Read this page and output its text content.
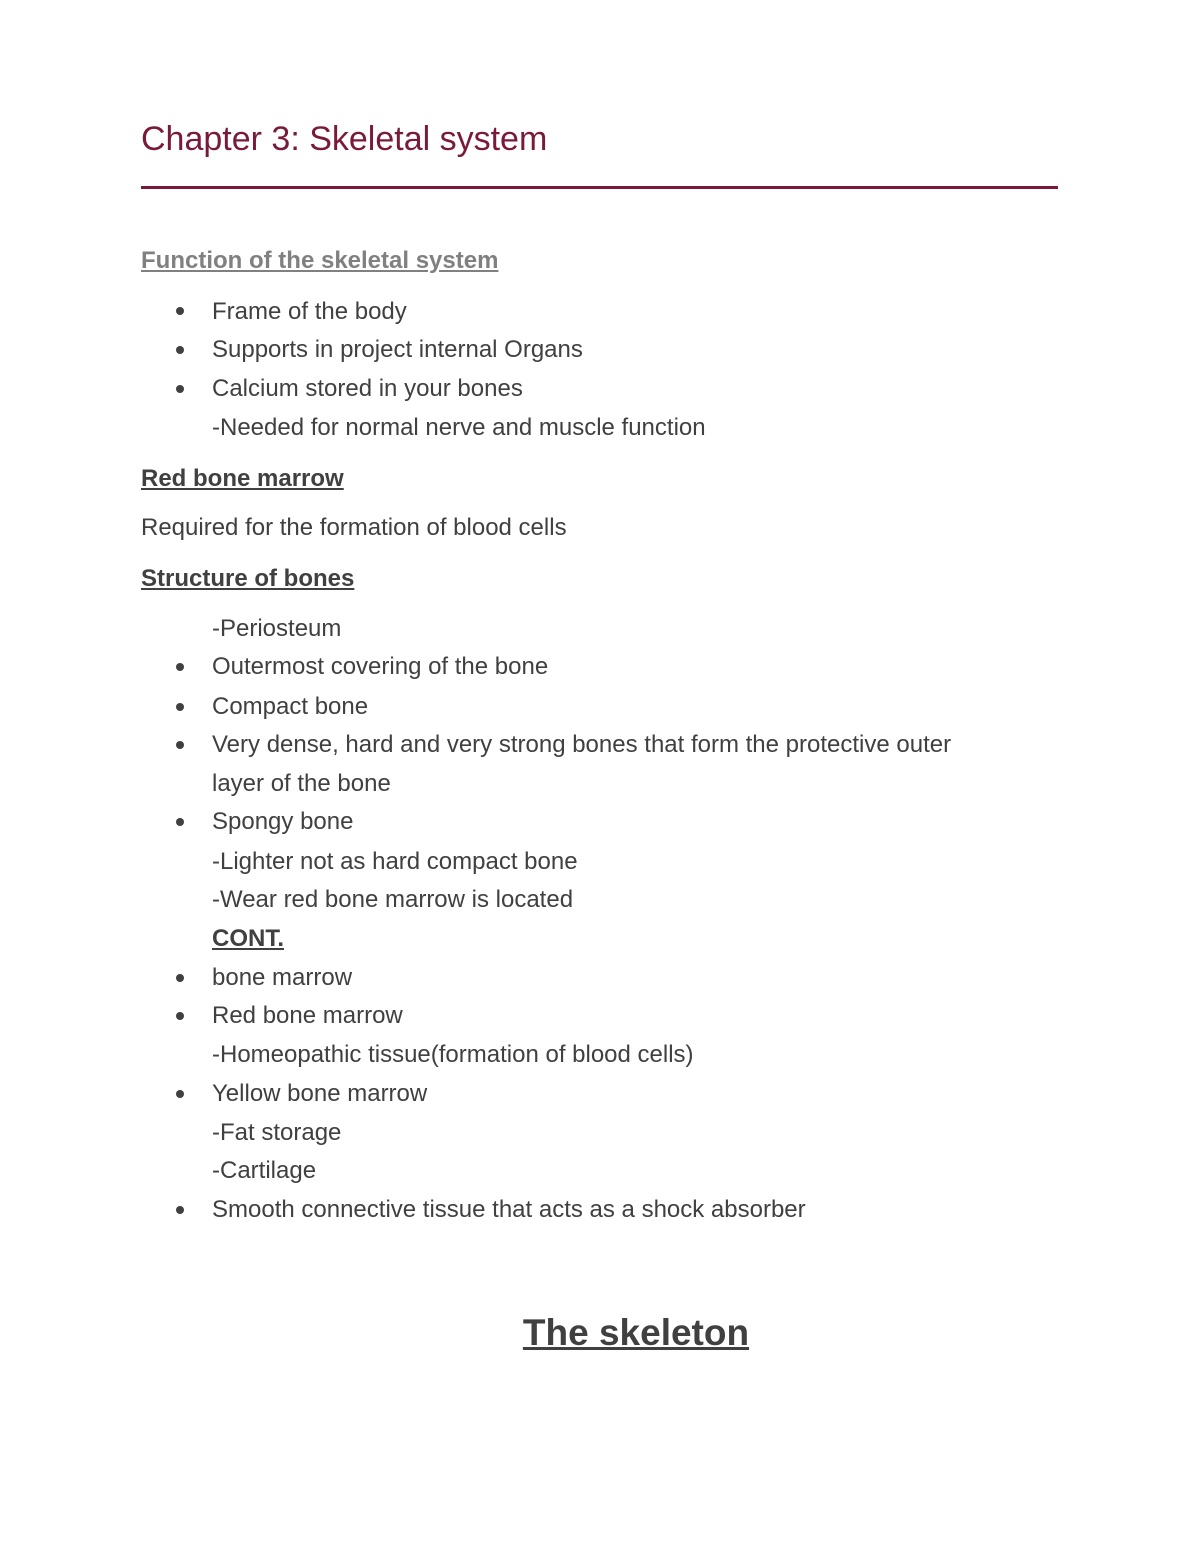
Chapter 3: Skeletal system
Function of the skeletal system
Frame of the body
Supports in project internal Organs
Calcium stored in your bones
-Needed for normal nerve and muscle function
Red bone marrow
Required for the formation of blood cells
Structure of bones
-Periosteum
Outermost covering of the bone
Compact bone
Very dense, hard and very strong bones that form the protective outer
layer of the bone
Spongy bone
-Lighter not as hard compact bone
-Wear red bone marrow is located
CONT.
bone marrow
Red bone marrow
-Homeopathic tissue(formation of blood cells)
Yellow bone marrow
-Fat storage
-Cartilage
Smooth connective tissue that acts as a shock absorber
The skeleton
